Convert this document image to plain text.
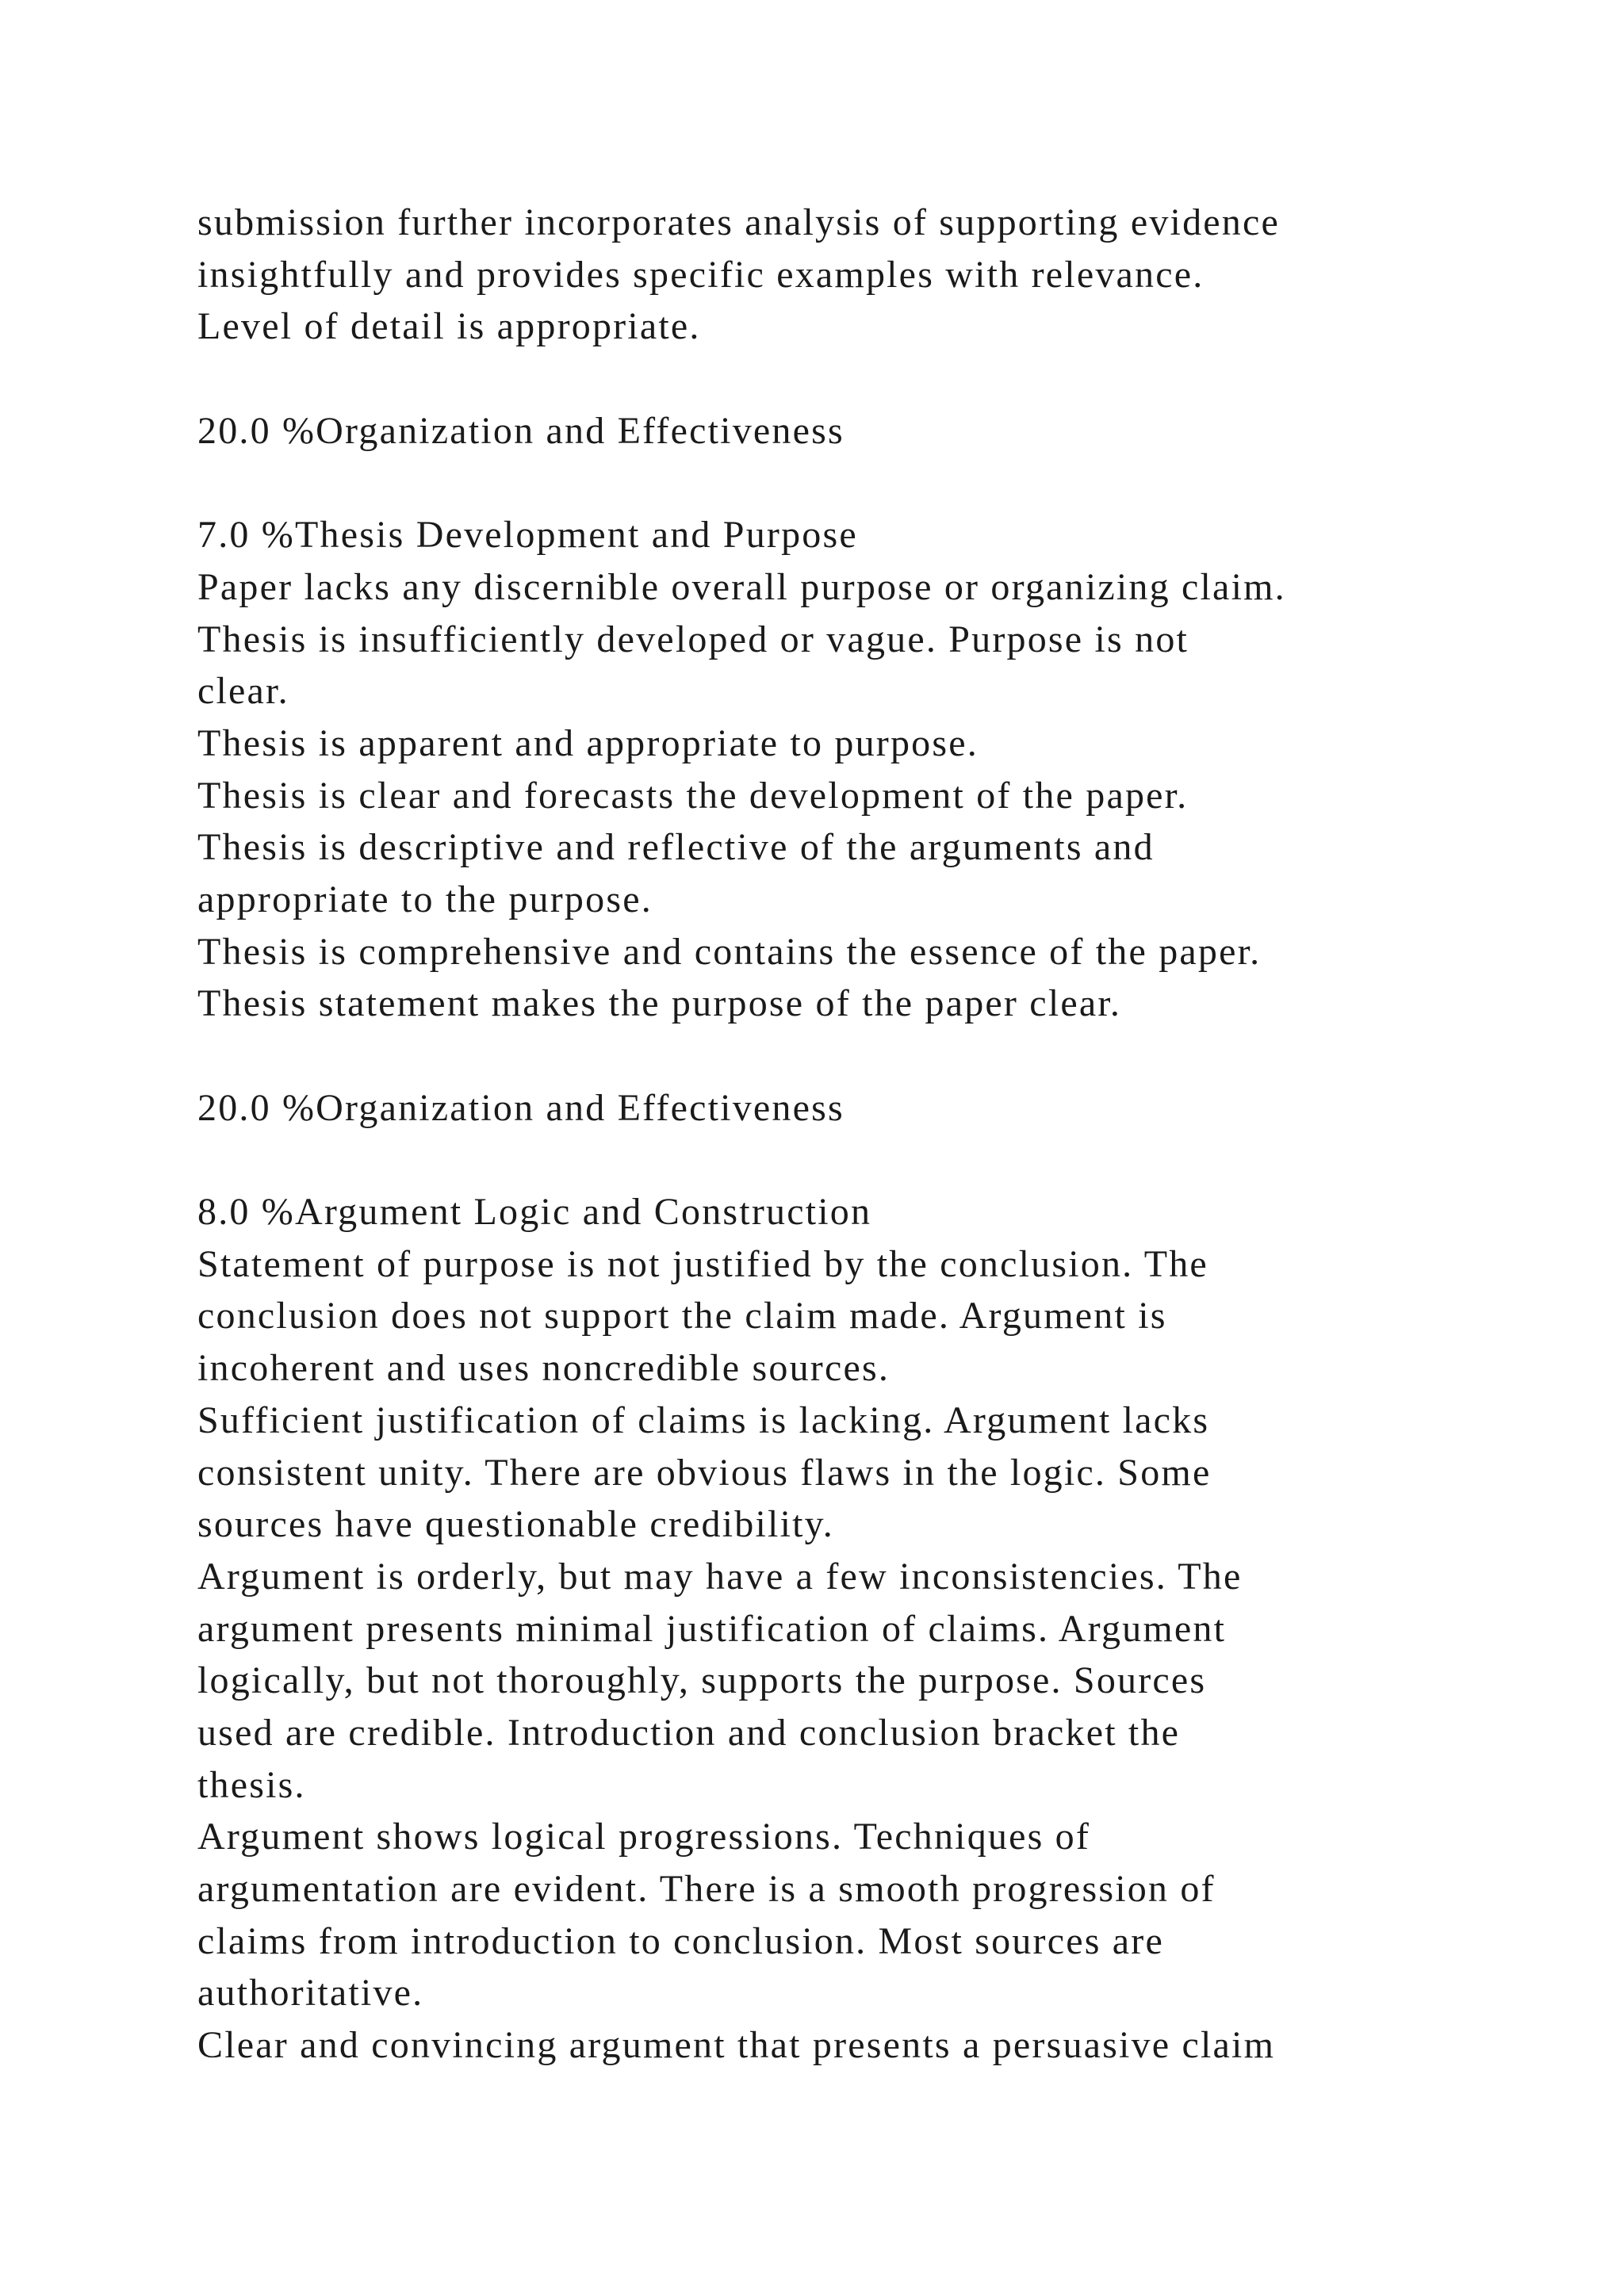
submission further incorporates analysis of supporting evidence
insightfully and provides specific examples with relevance.
Level of detail is appropriate.
20.0 %Organization and Effectiveness
7.0 %Thesis Development and Purpose
Paper lacks any discernible overall purpose or organizing claim.
Thesis is insufficiently developed or vague. Purpose is not
clear.
Thesis is apparent and appropriate to purpose.
Thesis is clear and forecasts the development of the paper.
Thesis is descriptive and reflective of the arguments and
appropriate to the purpose.
Thesis is comprehensive and contains the essence of the paper.
Thesis statement makes the purpose of the paper clear.
20.0 %Organization and Effectiveness
8.0 %Argument Logic and Construction
Statement of purpose is not justified by the conclusion. The
conclusion does not support the claim made. Argument is
incoherent and uses noncredible sources.
Sufficient justification of claims is lacking. Argument lacks
consistent unity. There are obvious flaws in the logic. Some
sources have questionable credibility.
Argument is orderly, but may have a few inconsistencies. The
argument presents minimal justification of claims. Argument
logically, but not thoroughly, supports the purpose. Sources
used are credible. Introduction and conclusion bracket the
thesis.
Argument shows logical progressions. Techniques of
argumentation are evident. There is a smooth progression of
claims from introduction to conclusion. Most sources are
authoritative.
Clear and convincing argument that presents a persuasive claim
